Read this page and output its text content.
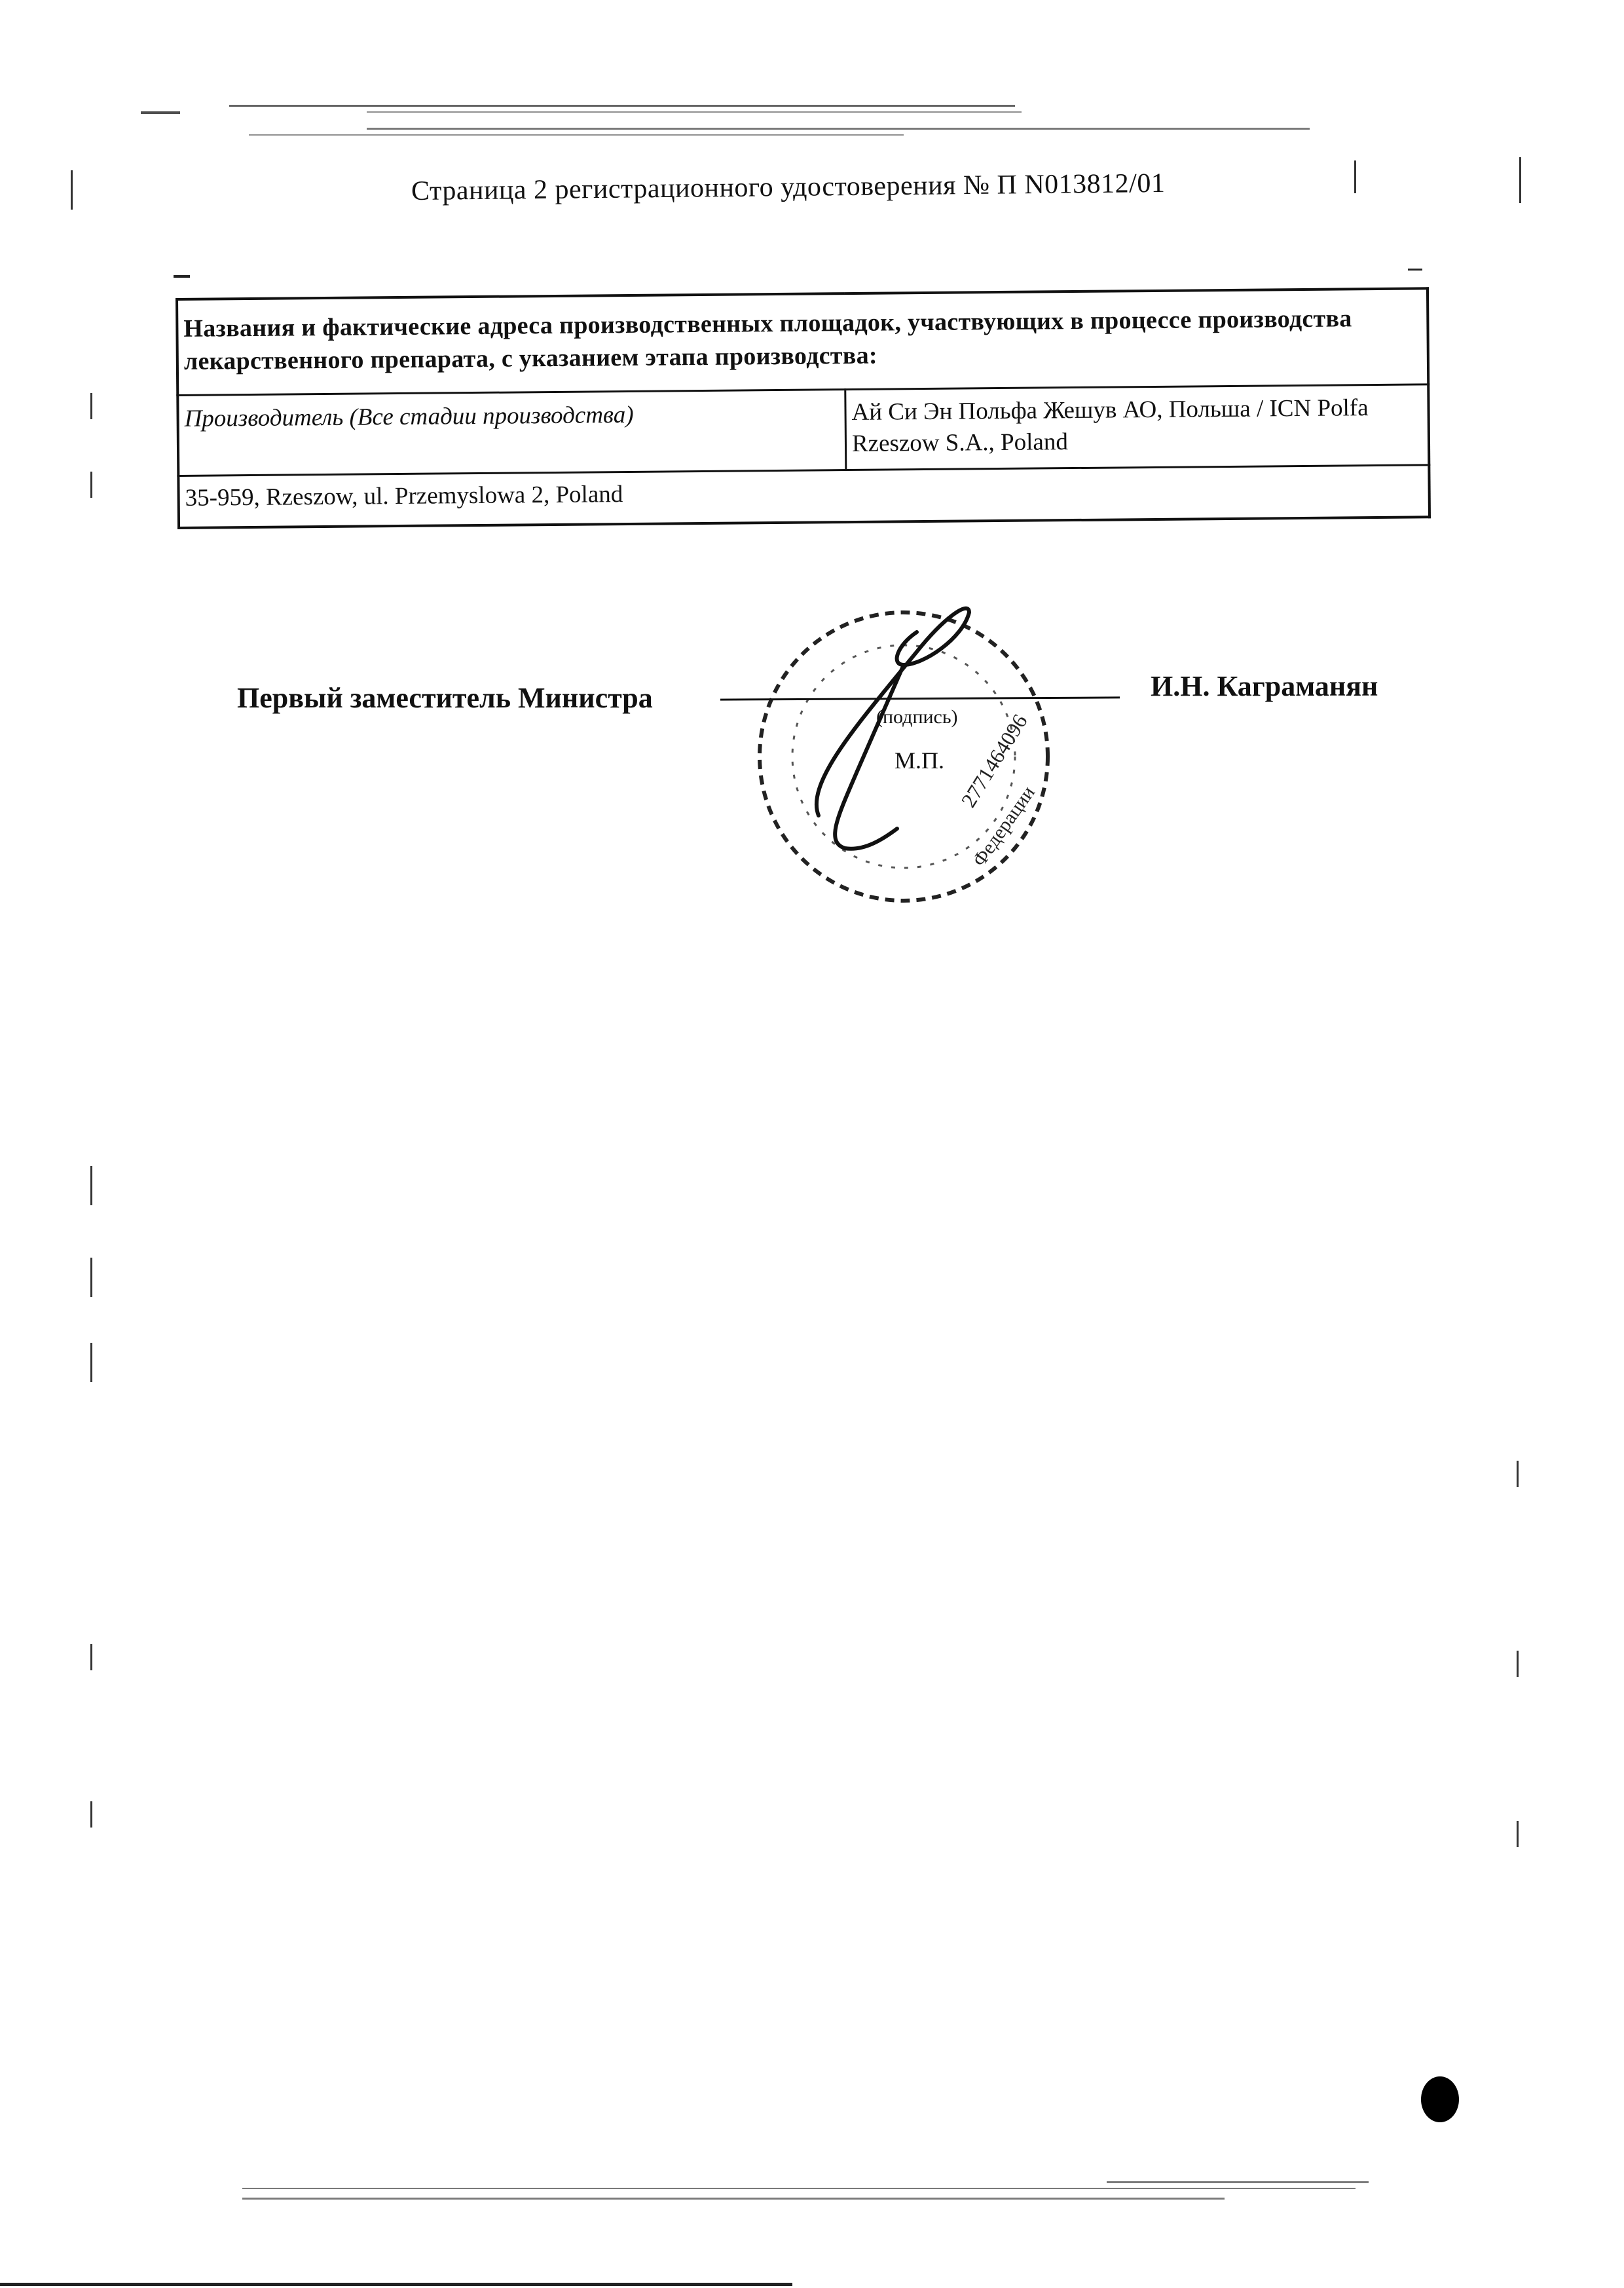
Страница 2 регистрационного удостоверения № П N013812/01
Названия и фактические адреса производственных площадок, участвующих в процессе производства лекарственного препарата, с указанием этапа производства:
Производитель (Все стадии производства)	Ай Си Эн Польфа Жешув АО, Польша / ICN Polfa Rzeszow S.A., Poland
35-959, Rzeszow, ul. Przemyslowa 2, Poland
Первый заместитель Министра
2771464096
Федерации
(подпись)
М.П.
И.Н. Каграманян
